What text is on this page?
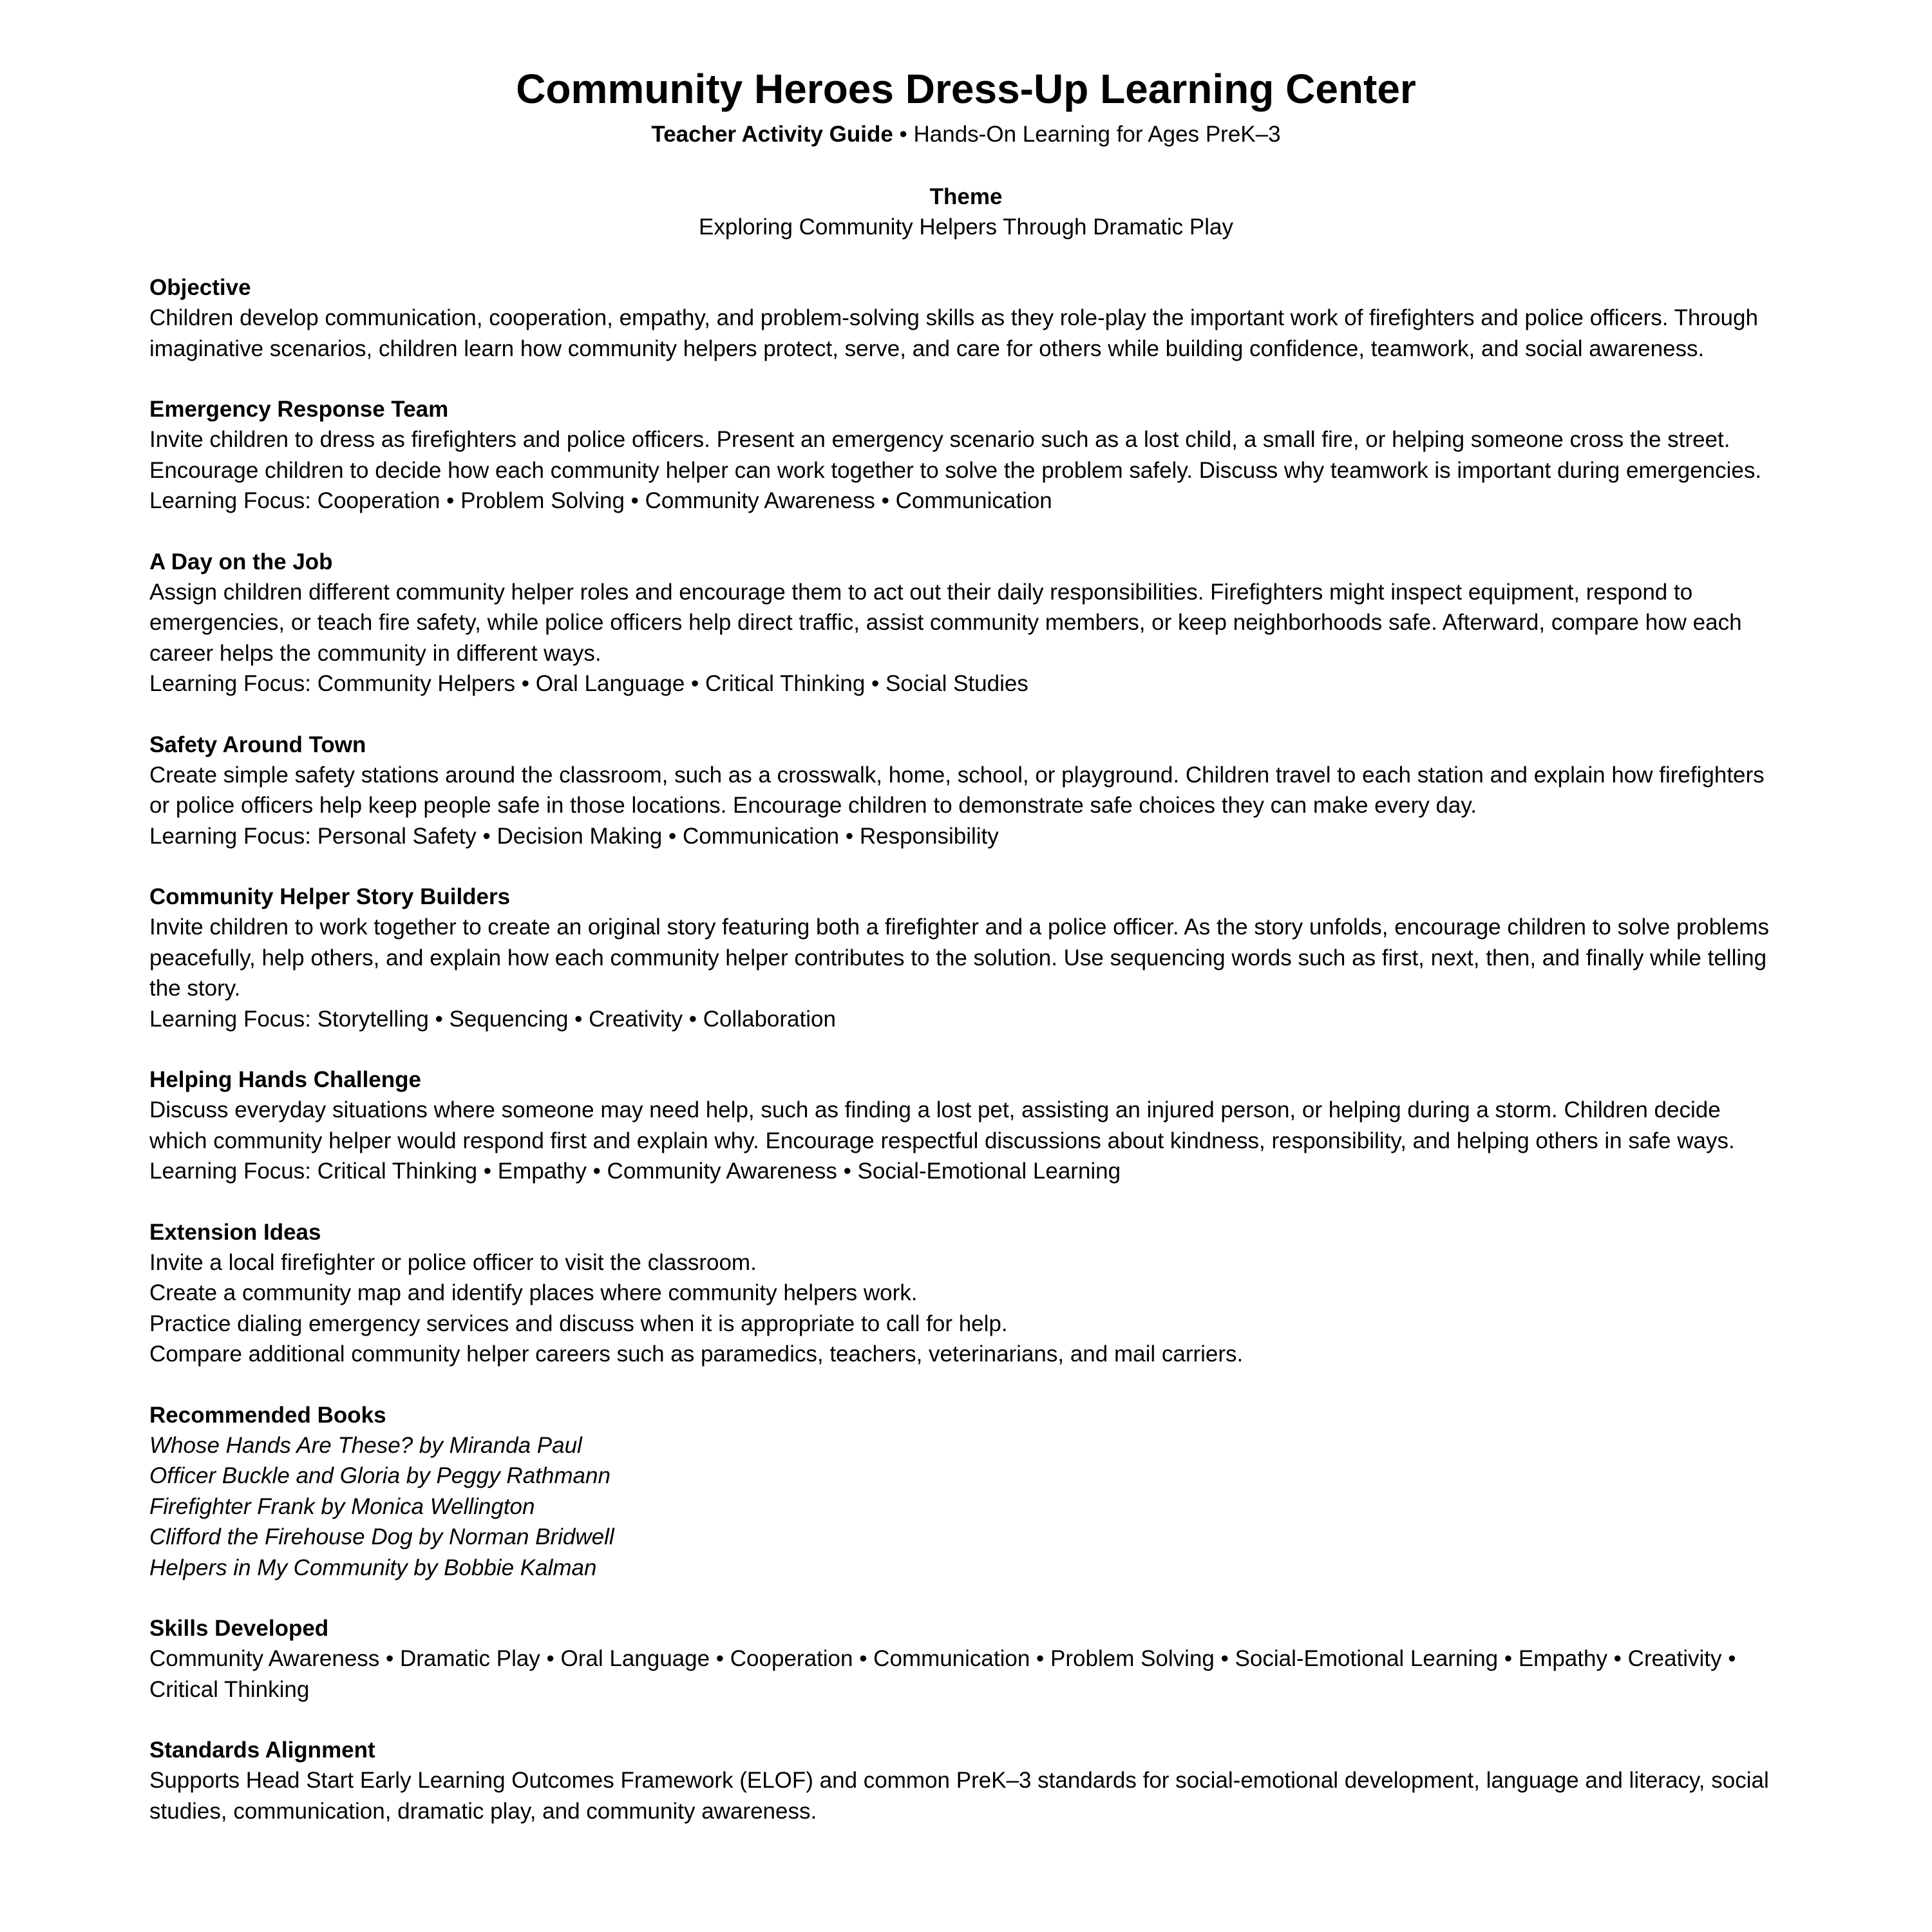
Community Heroes Dress-Up Learning Center
Teacher Activity Guide • Hands-On Learning for Ages PreK–3
Theme
Exploring Community Helpers Through Dramatic Play
Objective
Children develop communication, cooperation, empathy, and problem-solving skills as they role-play the important work of firefighters and police officers. Through imaginative scenarios, children learn how community helpers protect, serve, and care for others while building confidence, teamwork, and social awareness.
Emergency Response Team
Invite children to dress as firefighters and police officers. Present an emergency scenario such as a lost child, a small fire, or helping someone cross the street. Encourage children to decide how each community helper can work together to solve the problem safely. Discuss why teamwork is important during emergencies.
Learning Focus: Cooperation • Problem Solving • Community Awareness • Communication
A Day on the Job
Assign children different community helper roles and encourage them to act out their daily responsibilities. Firefighters might inspect equipment, respond to emergencies, or teach fire safety, while police officers help direct traffic, assist community members, or keep neighborhoods safe. Afterward, compare how each career helps the community in different ways.
Learning Focus: Community Helpers • Oral Language • Critical Thinking • Social Studies
Safety Around Town
Create simple safety stations around the classroom, such as a crosswalk, home, school, or playground. Children travel to each station and explain how firefighters or police officers help keep people safe in those locations. Encourage children to demonstrate safe choices they can make every day.
Learning Focus: Personal Safety • Decision Making • Communication • Responsibility
Community Helper Story Builders
Invite children to work together to create an original story featuring both a firefighter and a police officer. As the story unfolds, encourage children to solve problems peacefully, help others, and explain how each community helper contributes to the solution. Use sequencing words such as first, next, then, and finally while telling the story.
Learning Focus: Storytelling • Sequencing • Creativity • Collaboration
Helping Hands Challenge
Discuss everyday situations where someone may need help, such as finding a lost pet, assisting an injured person, or helping during a storm. Children decide which community helper would respond first and explain why. Encourage respectful discussions about kindness, responsibility, and helping others in safe ways.
Learning Focus: Critical Thinking • Empathy • Community Awareness • Social-Emotional Learning
Extension Ideas
Invite a local firefighter or police officer to visit the classroom.
Create a community map and identify places where community helpers work.
Practice dialing emergency services and discuss when it is appropriate to call for help.
Compare additional community helper careers such as paramedics, teachers, veterinarians, and mail carriers.
Recommended Books
Whose Hands Are These? by Miranda Paul
Officer Buckle and Gloria by Peggy Rathmann
Firefighter Frank by Monica Wellington
Clifford the Firehouse Dog by Norman Bridwell
Helpers in My Community by Bobbie Kalman
Skills Developed
Community Awareness • Dramatic Play • Oral Language • Cooperation • Communication • Problem Solving • Social-Emotional Learning • Empathy • Creativity • Critical Thinking
Standards Alignment
Supports Head Start Early Learning Outcomes Framework (ELOF) and common PreK–3 standards for social-emotional development, language and literacy, social studies, communication, dramatic play, and community awareness.
